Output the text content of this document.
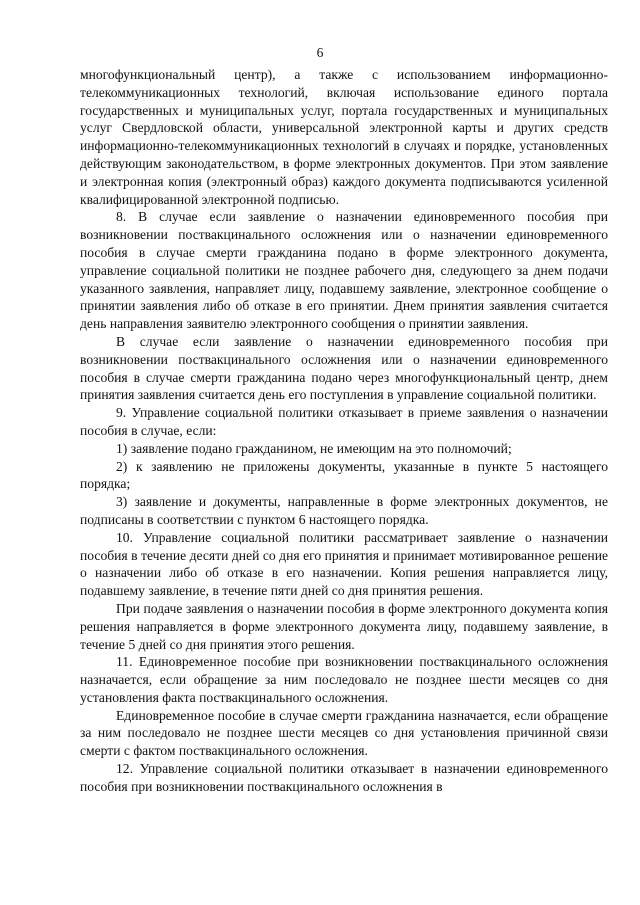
6

многофункциональный центр), а также с использованием информационно-телекоммуникационных технологий, включая использование единого портала государственных и муниципальных услуг, портала государственных и муниципальных услуг Свердловской области, универсальной электронной карты и других средств информационно-телекоммуникационных технологий в случаях и порядке, установленных действующим законодательством, в форме электронных документов. При этом заявление и электронная копия (электронный образ) каждого документа подписываются усиленной квалифицированной электронной подписью.

8. В случае если заявление о назначении единовременного пособия при возникновении поствакцинального осложнения или о назначении единовременного пособия в случае смерти гражданина подано в форме электронного документа, управление социальной политики не позднее рабочего дня, следующего за днем подачи указанного заявления, направляет лицу, подавшему заявление, электронное сообщение о принятии заявления либо об отказе в его принятии. Днем принятия заявления считается день направления заявителю электронного сообщения о принятии заявления.

В случае если заявление о назначении единовременного пособия при возникновении поствакцинального осложнения или о назначении единовременного пособия в случае смерти гражданина подано через многофункциональный центр, днем принятия заявления считается день его поступления в управление социальной политики.

9. Управление социальной политики отказывает в приеме заявления о назначении пособия в случае, если:

1) заявление подано гражданином, не имеющим на это полномочий;

2) к заявлению не приложены документы, указанные в пункте 5 настоящего порядка;

3) заявление и документы, направленные в форме электронных документов, не подписаны в соответствии с пунктом 6 настоящего порядка.

10. Управление социальной политики рассматривает заявление о назначении пособия в течение десяти дней со дня его принятия и принимает мотивированное решение о назначении либо об отказе в его назначении. Копия решения направляется лицу, подавшему заявление, в течение пяти дней со дня принятия решения.

При подаче заявления о назначении пособия в форме электронного документа копия решения направляется в форме электронного документа лицу, подавшему заявление, в течение 5 дней со дня принятия этого решения.

11. Единовременное пособие при возникновении поствакцинального осложнения назначается, если обращение за ним последовало не позднее шести месяцев со дня установления факта поствакцинального осложнения.

Единовременное пособие в случае смерти гражданина назначается, если обращение за ним последовало не позднее шести месяцев со дня установления причинной связи смерти с фактом поствакцинального осложнения.

12. Управление социальной политики отказывает в назначении единовременного пособия при возникновении поствакцинального осложнения в
